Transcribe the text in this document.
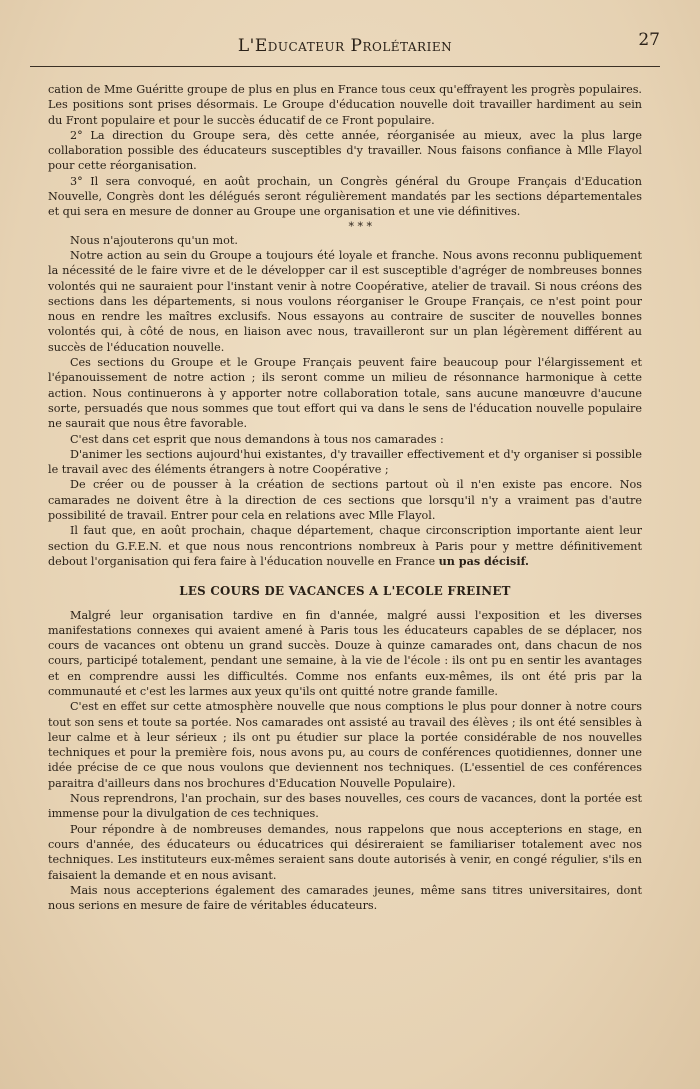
L'Educateur Prolétarien	27

cation de Mme Guéritte groupe de plus en plus en France tous ceux qu'effrayent les progrès populaires. Les positions sont prises désormais. Le Groupe d'éducation nouvelle doit travailler hardiment au sein du Front populaire et pour le succès éducatif de ce Front populaire.

2° La direction du Groupe sera, dès cette année, réorganisée au mieux, avec la plus large collaboration possible des éducateurs susceptibles d'y travailler. Nous faisons confiance à Mlle Flayol pour cette réorganisation.

3° Il sera convoqué, en août prochain, un Congrès général du Groupe Français d'Education Nouvelle, Congrès dont les délégués seront régulièrement mandatés par les sections départementales et qui sera en mesure de donner au Groupe une organisation et une vie définitives.

* * *

Nous n'ajouterons qu'un mot.

Notre action au sein du Groupe a toujours été loyale et franche. Nous avons reconnu publiquement la nécessité de le faire vivre et de le développer car il est susceptible d'agréger de nombreuses bonnes volontés qui ne sauraient pour l'instant venir à notre Coopérative, atelier de travail. Si nous créons des sections dans les départements, si nous voulons réorganiser le Groupe Français, ce n'est point pour nous en rendre les maîtres exclusifs. Nous essayons au contraire de susciter de nouvelles bonnes volontés qui, à côté de nous, en liaison avec nous, travailleront sur un plan légèrement différent au succès de l'éducation nouvelle.

Ces sections du Groupe et le Groupe Français peuvent faire beaucoup pour l'élargissement et l'épanouissement de notre action ; ils seront comme un milieu de résonnance harmonique à cette action. Nous continuerons à y apporter notre collaboration totale, sans aucune manœuvre d'aucune sorte, persuadés que nous sommes que tout effort qui va dans le sens de l'éducation nouvelle populaire ne saurait que nous être favorable.

C'est dans cet esprit que nous demandons à tous nos camarades :

D'animer les sections aujourd'hui existantes, d'y travailler effectivement et d'y organiser si possible le travail avec des éléments étrangers à notre Coopérative ;

De créer ou de pousser à la création de sections partout où il n'en existe pas encore. Nos camarades ne doivent être à la direction de ces sections que lorsqu'il n'y a vraiment pas d'autre possibilité de travail. Entrer pour cela en relations avec Mlle Flayol.

Il faut que, en août prochain, chaque département, chaque circonscription importante aient leur section du G.F.E.N. et que nous nous rencontrions nombreux à Paris pour y mettre définitivement debout l'organisation qui fera faire à l'éducation nouvelle en France un pas décisif.

LES COURS DE VACANCES A L'ECOLE FREINET

Malgré leur organisation tardive en fin d'année, malgré aussi l'exposition et les diverses manifestations connexes qui avaient amené à Paris tous les éducateurs capables de se déplacer, nos cours de vacances ont obtenu un grand succès. Douze à quinze camarades ont, dans chacun de nos cours, participé totalement, pendant une semaine, à la vie de l'école : ils ont pu en sentir les avantages et en comprendre aussi les difficultés. Comme nos enfants eux-mêmes, ils ont été pris par la communauté et c'est les larmes aux yeux qu'ils ont quitté notre grande famille.

C'est en effet sur cette atmosphère nouvelle que nous comptions le plus pour donner à notre cours tout son sens et toute sa portée. Nos camarades ont assisté au travail des élèves ; ils ont été sensibles à leur calme et à leur sérieux ; ils ont pu étudier sur place la portée considérable de nos nouvelles techniques et pour la première fois, nous avons pu, au cours de conférences quotidiennes, donner une idée précise de ce que nous voulons que deviennent nos techniques. (L'essentiel de ces conférences paraitra d'ailleurs dans nos brochures d'Education Nouvelle Populaire).

Nous reprendrons, l'an prochain, sur des bases nouvelles, ces cours de vacances, dont la portée est immense pour la divulgation de ces techniques.

Pour répondre à de nombreuses demandes, nous rappelons que nous accepterions en stage, en cours d'année, des éducateurs ou éducatrices qui désireraient se familiariser totalement avec nos techniques. Les instituteurs eux-mêmes seraient sans doute autorisés à venir, en congé régulier, s'ils en faisaient la demande et en nous avisant.

Mais nous accepterions également des camarades jeunes, même sans titres universitaires, dont nous serions en mesure de faire de véritables éducateurs.
